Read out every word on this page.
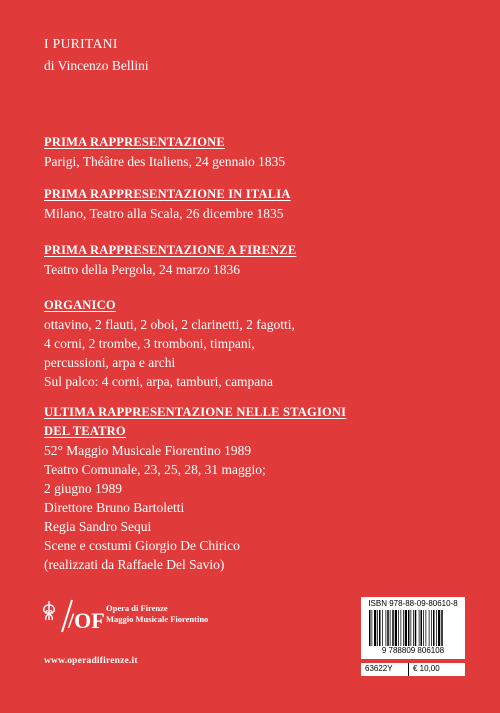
I PURITANI
di Vincenzo Bellini
PRIMA RAPPRESENTAZIONE
Parigi, Théâtre des Italiens, 24 gennaio 1835
PRIMA RAPPRESENTAZIONE IN ITALIA
Milano, Teatro alla Scala, 26 dicembre 1835
PRIMA RAPPRESENTAZIONE A FIRENZE
Teatro della Pergola, 24 marzo 1836
ORGANICO
ottavino, 2 flauti, 2 oboi, 2 clarinetti, 2 fagotti,
4 corni, 2 trombe, 3 tromboni, timpani,
percussioni, arpa e archi
Sul palco: 4 corni, arpa, tamburi, campana
ULTIMA RAPPRESENTAZIONE NELLE STAGIONI
DEL TEATRO
52° Maggio Musicale Fiorentino 1989
Teatro Comunale, 23, 25, 28, 31 maggio;
2 giugno 1989
Direttore Bruno Bartoletti
Regia Sandro Sequi
Scene e costumi Giorgio De Chirico
(realizzati da Raffaele Del Savio)
/OF Opera di Firenze
Maggio Musicale Fiorentino
www.operadifirenze.it
ISBN 978-88-09-80610-8
9 788809 806108
63622Y	€ 10,00
